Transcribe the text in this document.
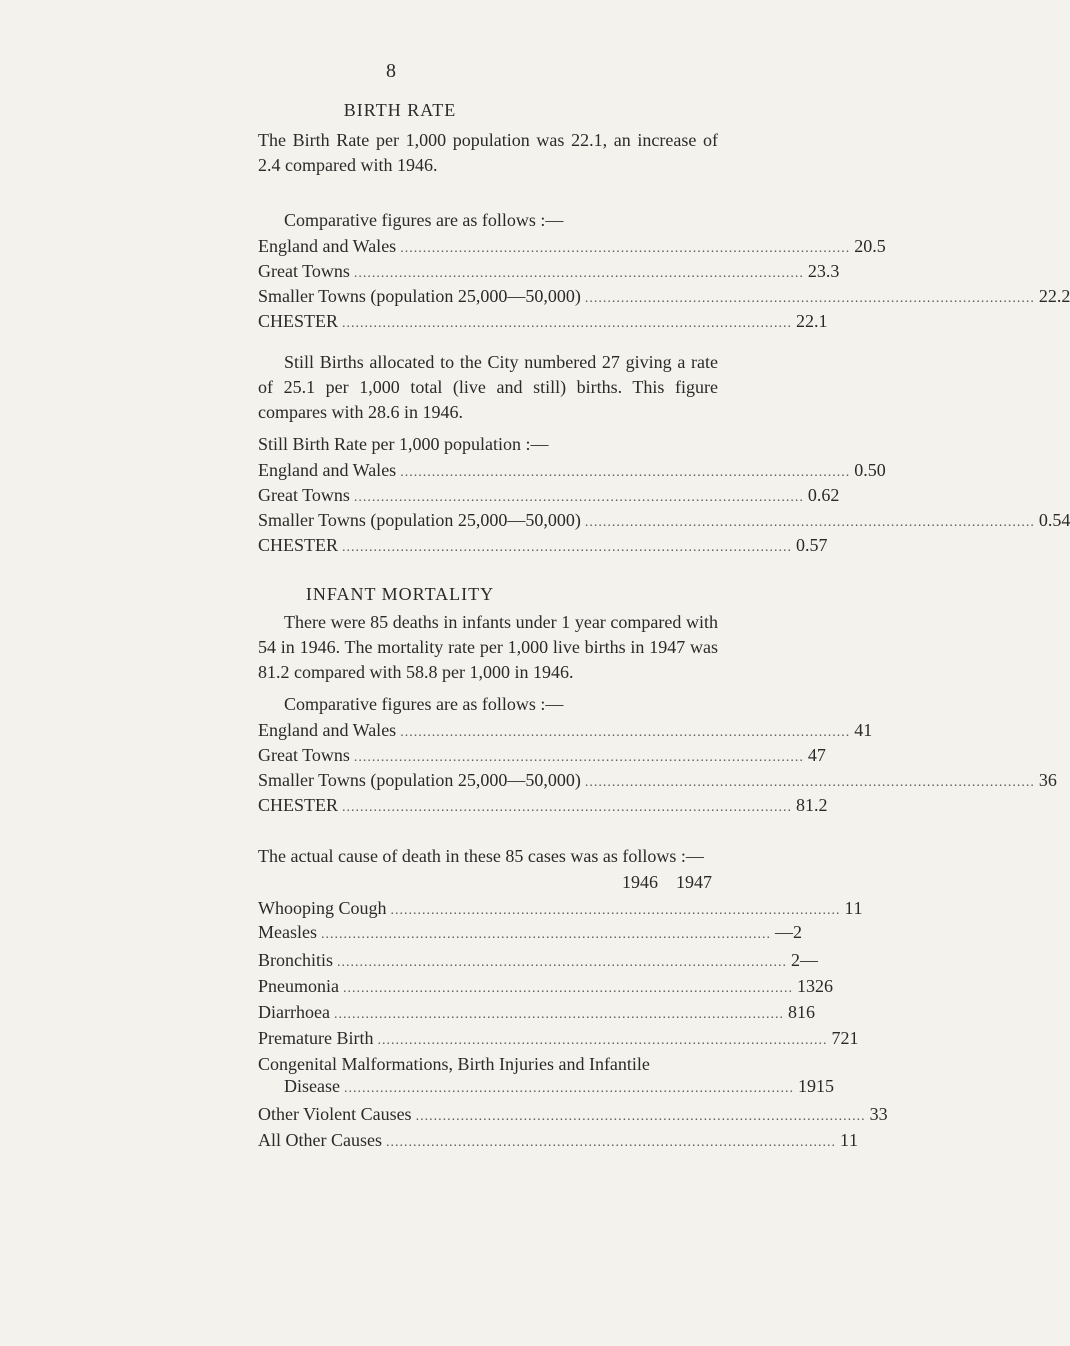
8
BIRTH RATE
The Birth Rate per 1,000 population was 22.1, an increase of 2.4 compared with 1946.
Comparative figures are as follows :—
England and Wales .................................................................................................... 20.5
Great Towns .................................................................................................... 23.3
Smaller Towns (population 25,000—50,000) .................................................................................................... 22.2
CHESTER .................................................................................................... 22.1
Still Births allocated to the City numbered 27 giving a rate of 25.1 per 1,000 total (live and still) births. This figure compares with 28.6 in 1946.
Still Birth Rate per 1,000 population :—
England and Wales .................................................................................................... 0.50
Great Towns .................................................................................................... 0.62
Smaller Towns (population 25,000—50,000) .................................................................................................... 0.54
CHESTER .................................................................................................... 0.57
INFANT MORTALITY
There were 85 deaths in infants under 1 year compared with 54 in 1946. The mortality rate per 1,000 live births in 1947 was 81.2 compared with 58.8 per 1,000 in 1946.
Comparative figures are as follows :—
England and Wales .................................................................................................... 41
Great Towns .................................................................................................... 47
Smaller Towns (population 25,000—50,000) .................................................................................................... 36
CHESTER .................................................................................................... 81.2
The actual cause of death in these 85 cases was as follows :—
1946 1947
Whooping Cough .................................................................................................... 1 1
Measles .................................................................................................... — 2
Bronchitis .................................................................................................... 2 —
Pneumonia .................................................................................................... 13 26
Diarrhoea .................................................................................................... 8 16
Premature Birth .................................................................................................... 7 21
Congenital Malformations, Birth Injuries and Infantile
Disease .................................................................................................... 19 15
Other Violent Causes .................................................................................................... 3 3
All Other Causes .................................................................................................... 1 1
